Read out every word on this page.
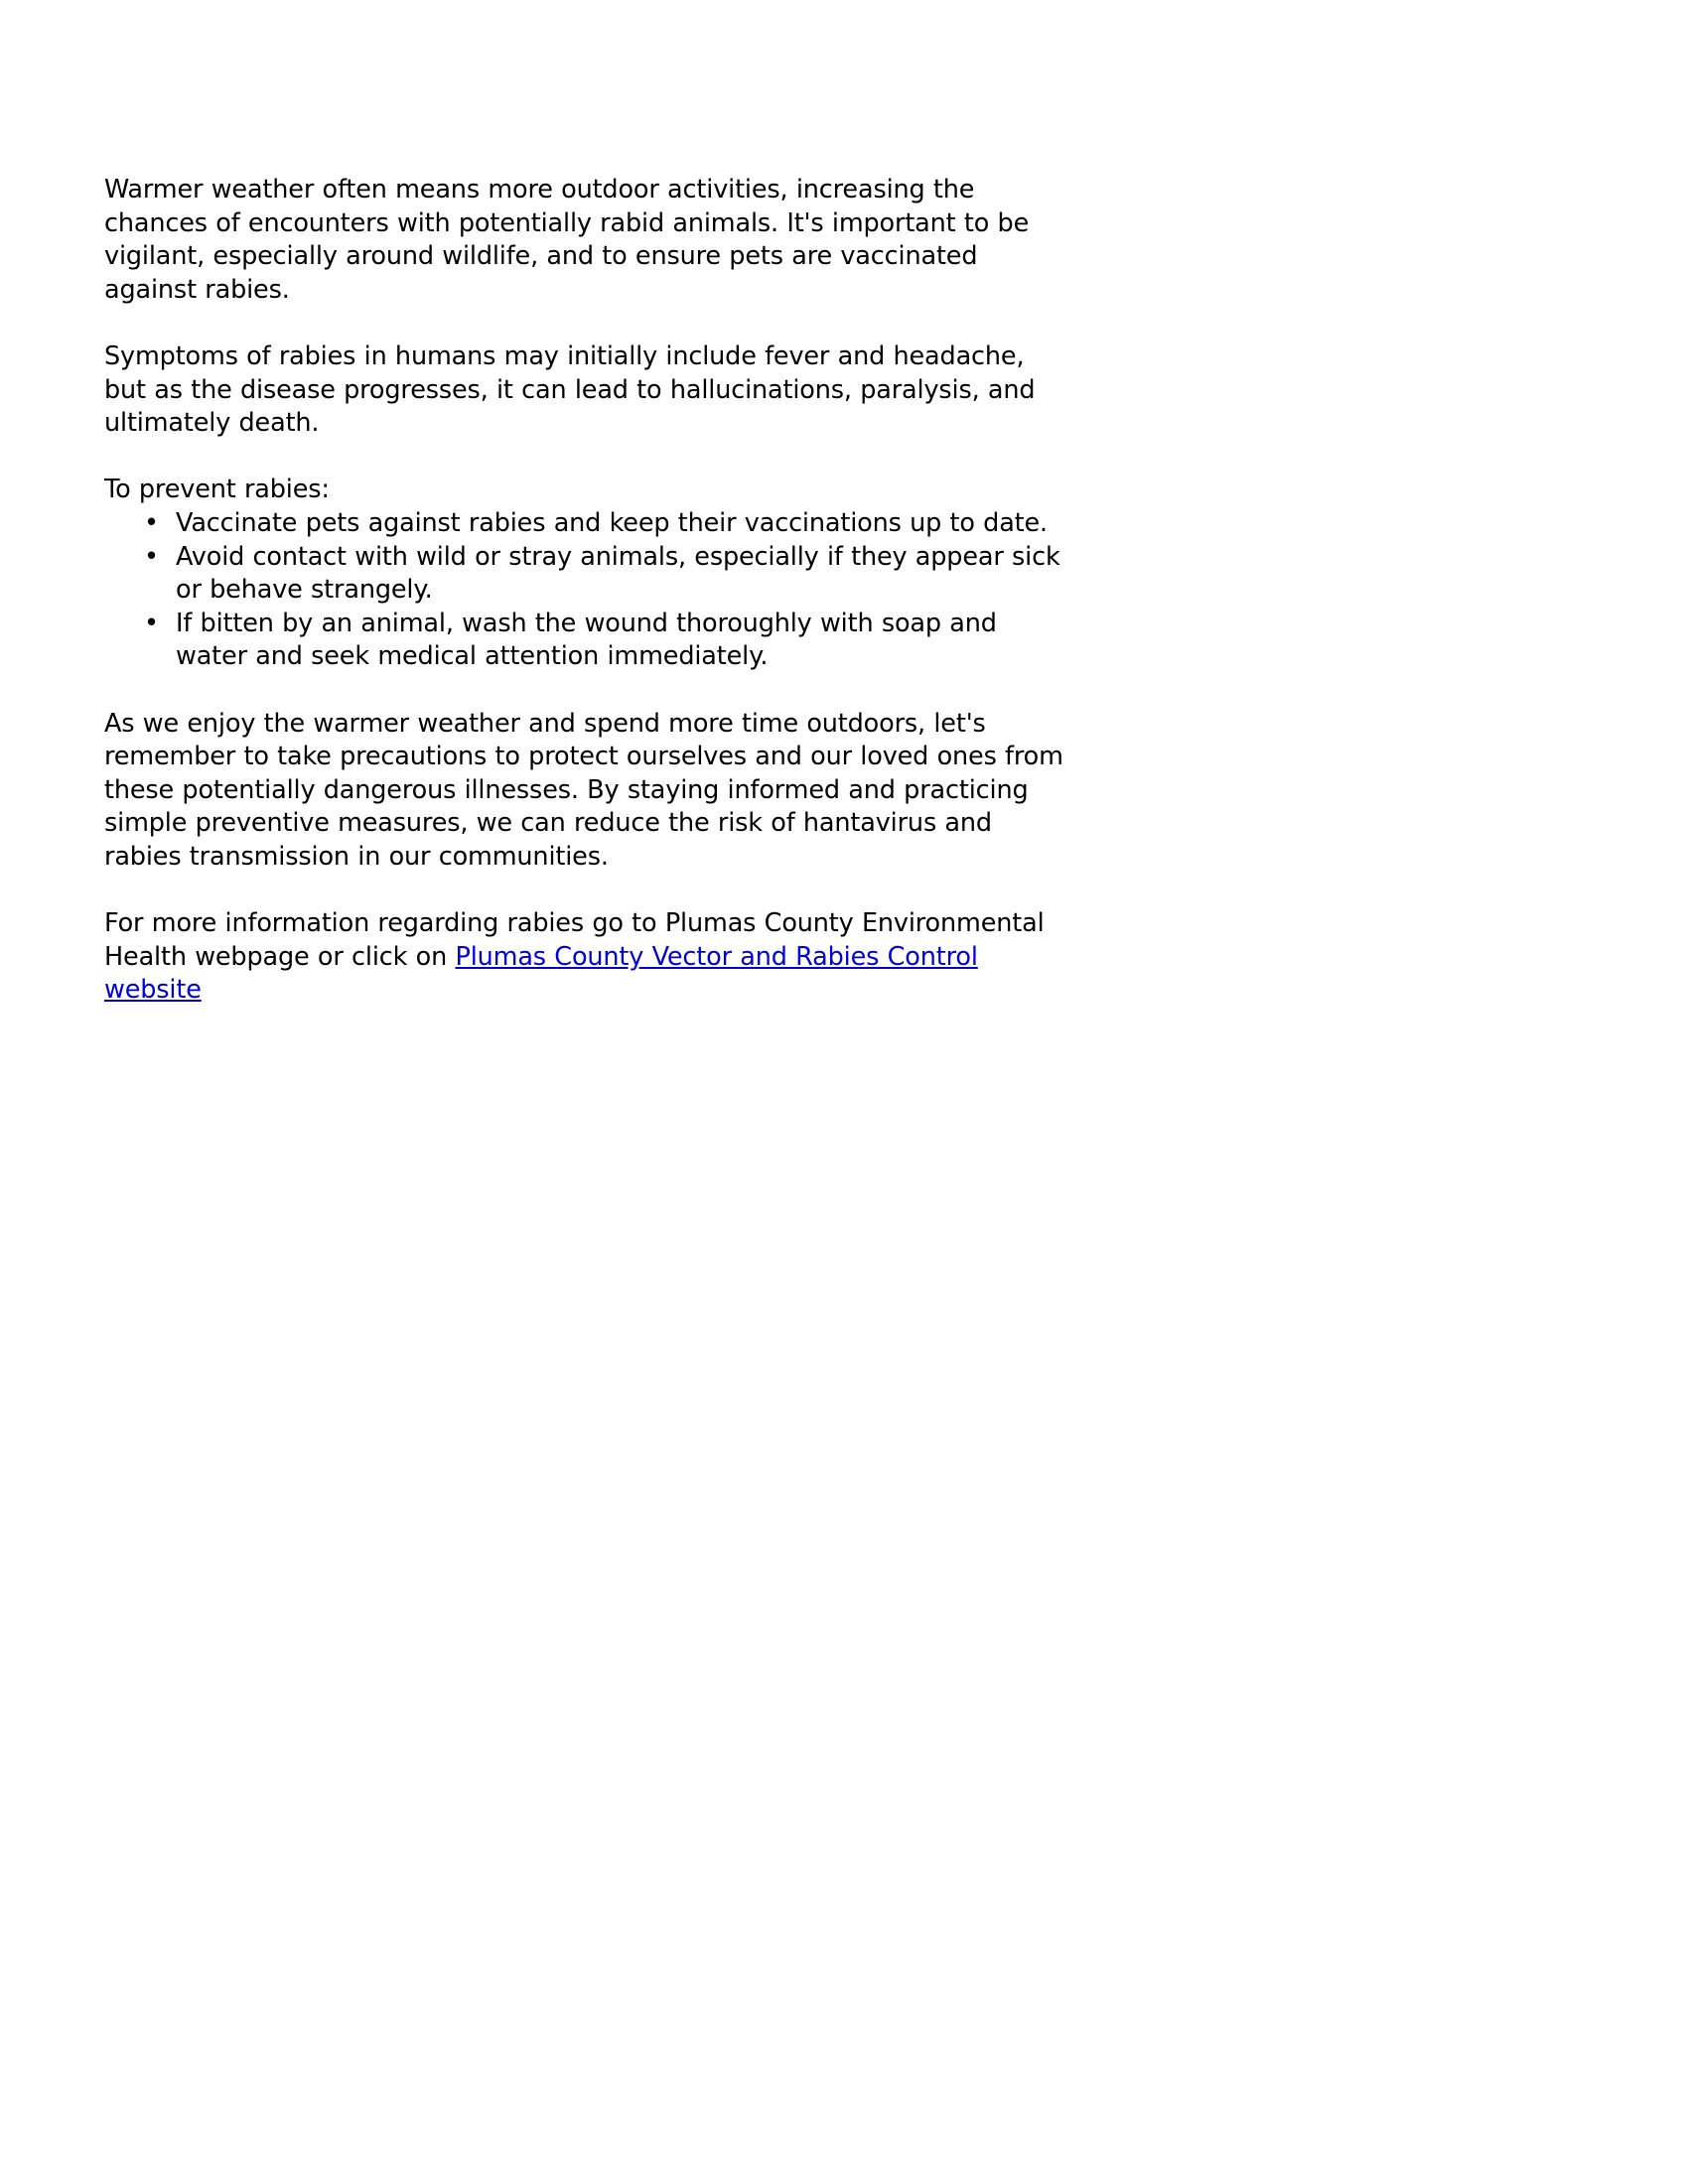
Warmer weather often means more outdoor activities, increasing the chances of encounters with potentially rabid animals. It's important to be vigilant, especially around wildlife, and to ensure pets are vaccinated against rabies.

Symptoms of rabies in humans may initially include fever and headache, but as the disease progresses, it can lead to hallucinations, paralysis, and ultimately death.

To prevent rabies:

• Vaccinate pets against rabies and keep their vaccinations up to date.
• Avoid contact with wild or stray animals, especially if they appear sick or behave strangely.
• If bitten by an animal, wash the wound thoroughly with soap and water and seek medical attention immediately.

As we enjoy the warmer weather and spend more time outdoors, let's remember to take precautions to protect ourselves and our loved ones from these potentially dangerous illnesses. By staying informed and practicing simple preventive measures, we can reduce the risk of hantavirus and rabies transmission in our communities.

For more information regarding rabies go to Plumas County Environmental Health webpage or click on Plumas County Vector and Rabies Control website
